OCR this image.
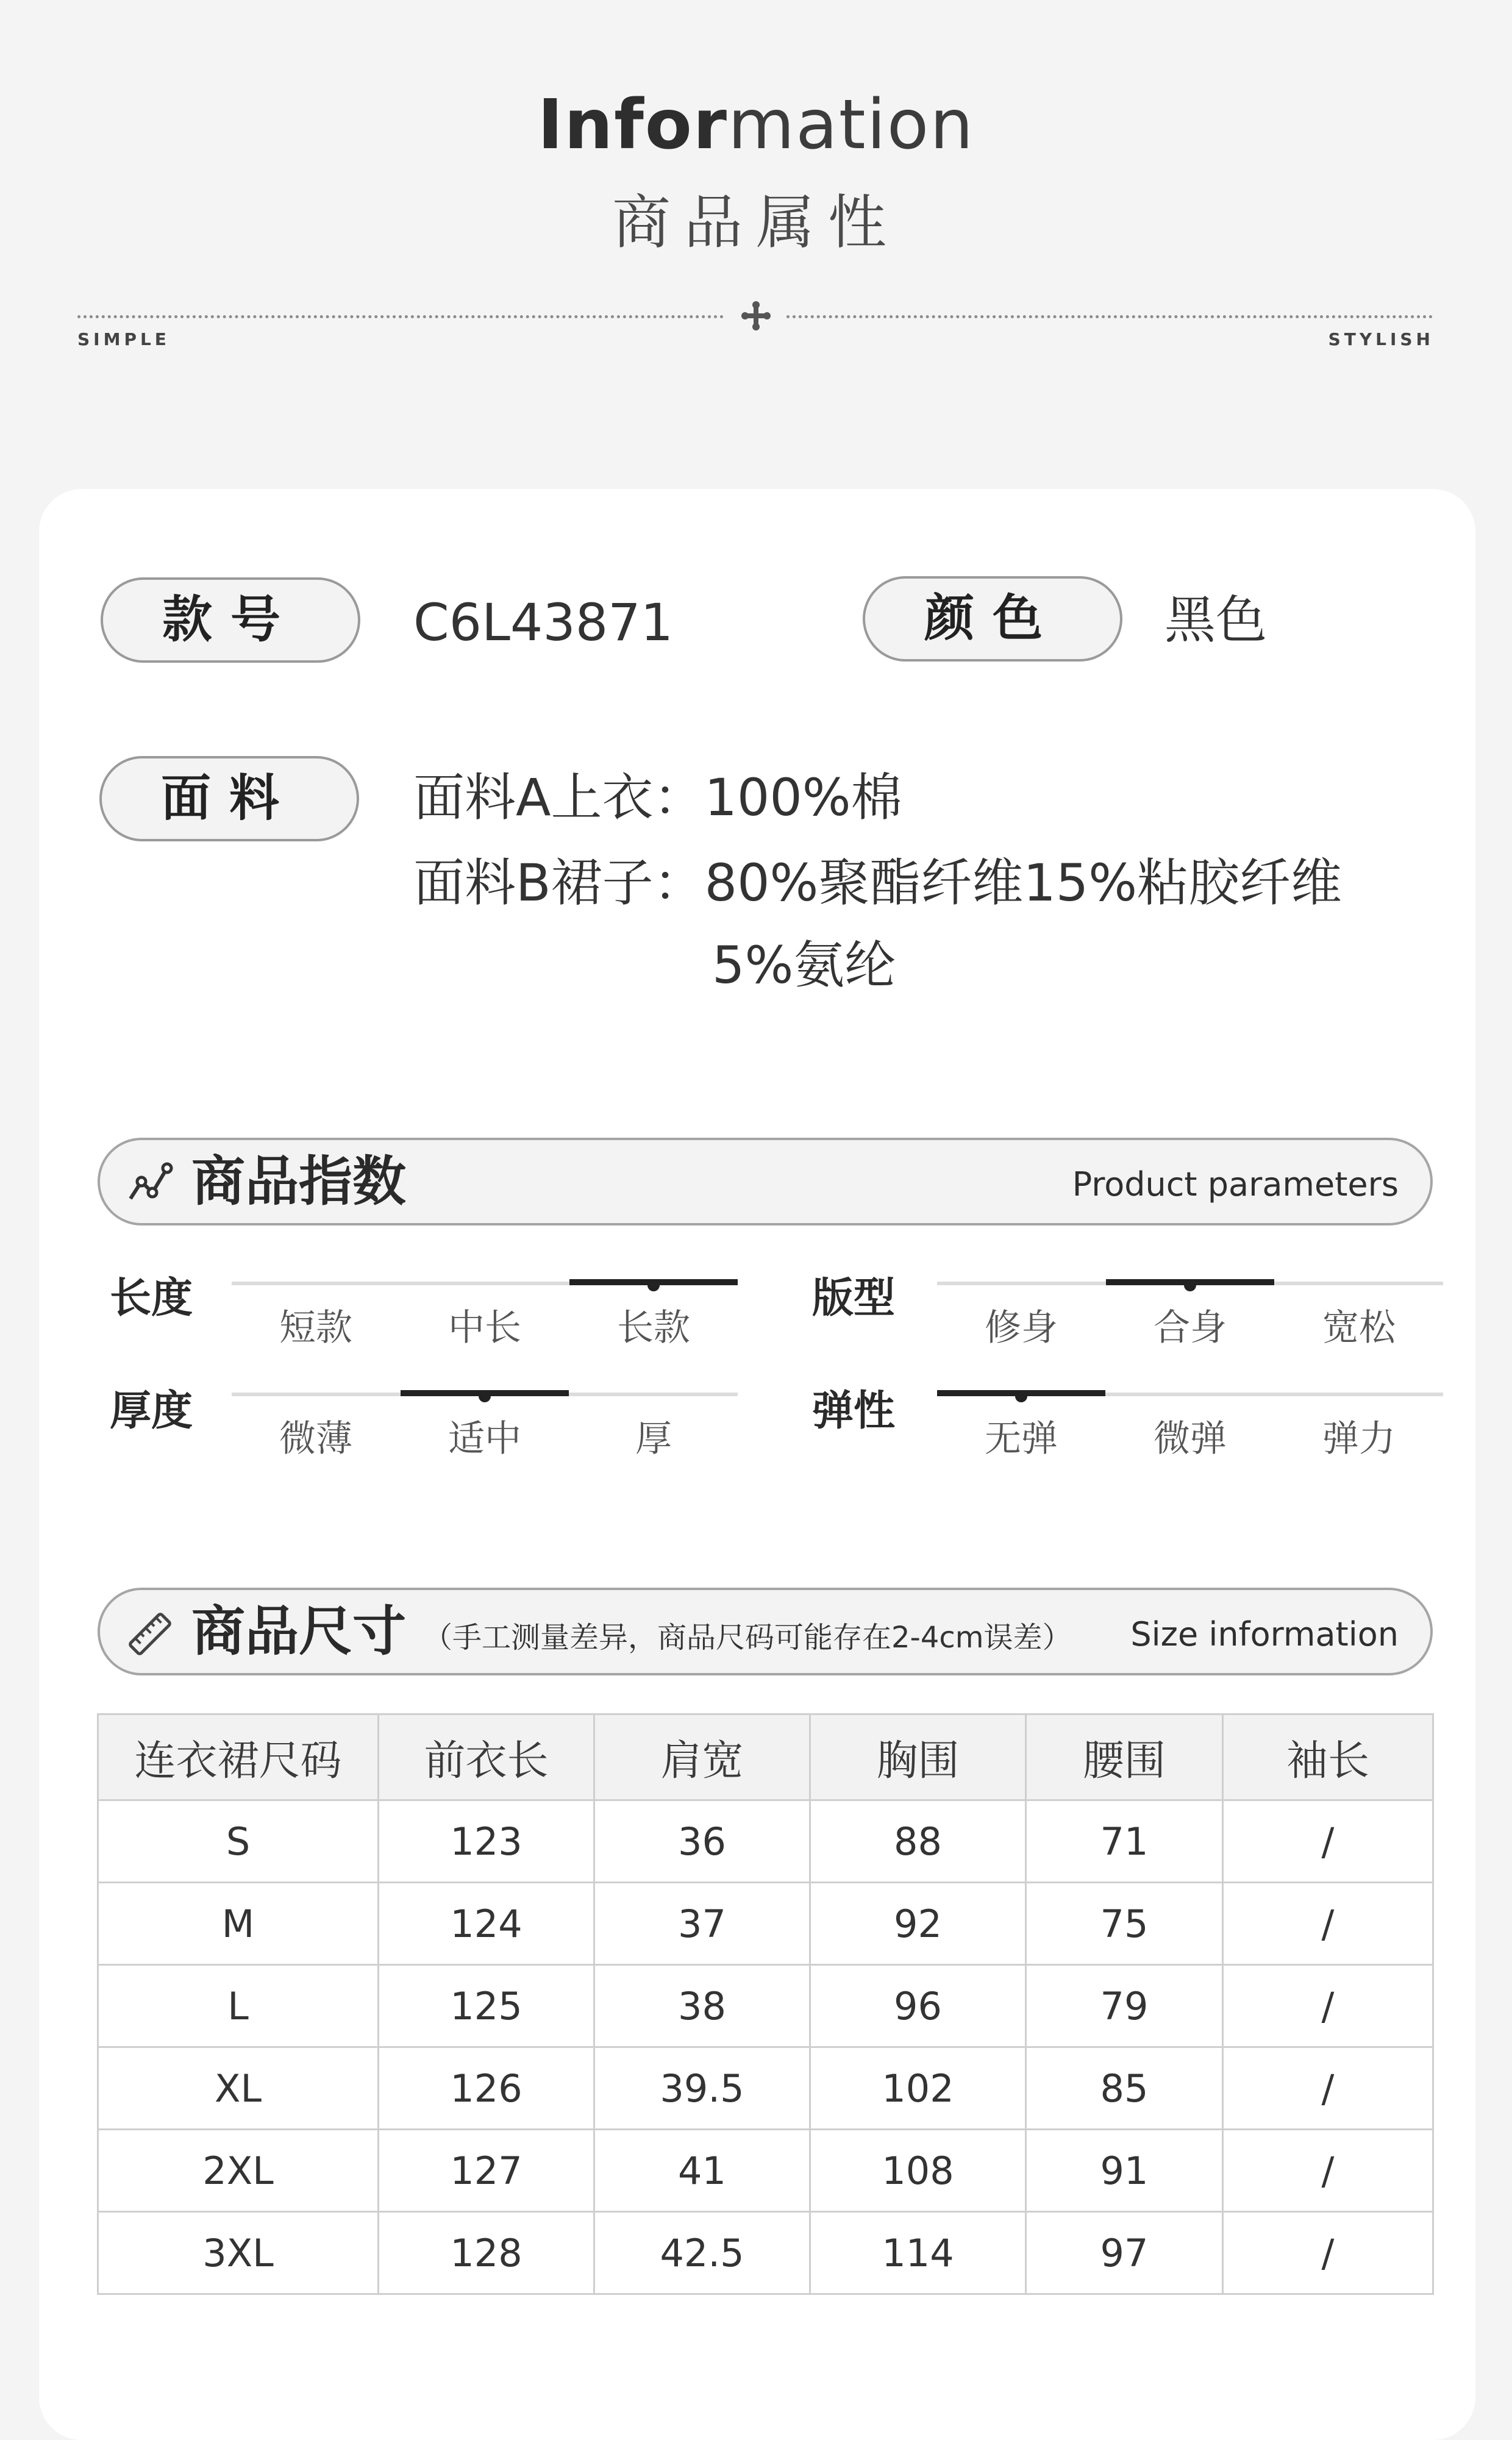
Information
商品属性
SIMPLE	STYLISH
款号	C6L43871	颜色	黑色
面料	面料A上衣：100%棉
面料B裙子：80%聚酯纤维15%粘胶纤维
5%氨纶
商品指数	Product parameters
长度	版型
厚度	弹性
短款	中长	长款	修身	合身	宽松
微薄	适中	厚	无弹	微弹	弹力
商品尺寸 （手工测量差异，商品尺码可能存在2-4cm误差） Size information
连衣裙尺码	前衣长	肩宽	胸围	腰围	袖长
S	123	36	88	71	/
M	124	37	92	75	/
L	125	38	96	79	/
XL	126	39.5	102	85	/
2XL	127	41	108	91	/
3XL	128	42.5	114	97	/
